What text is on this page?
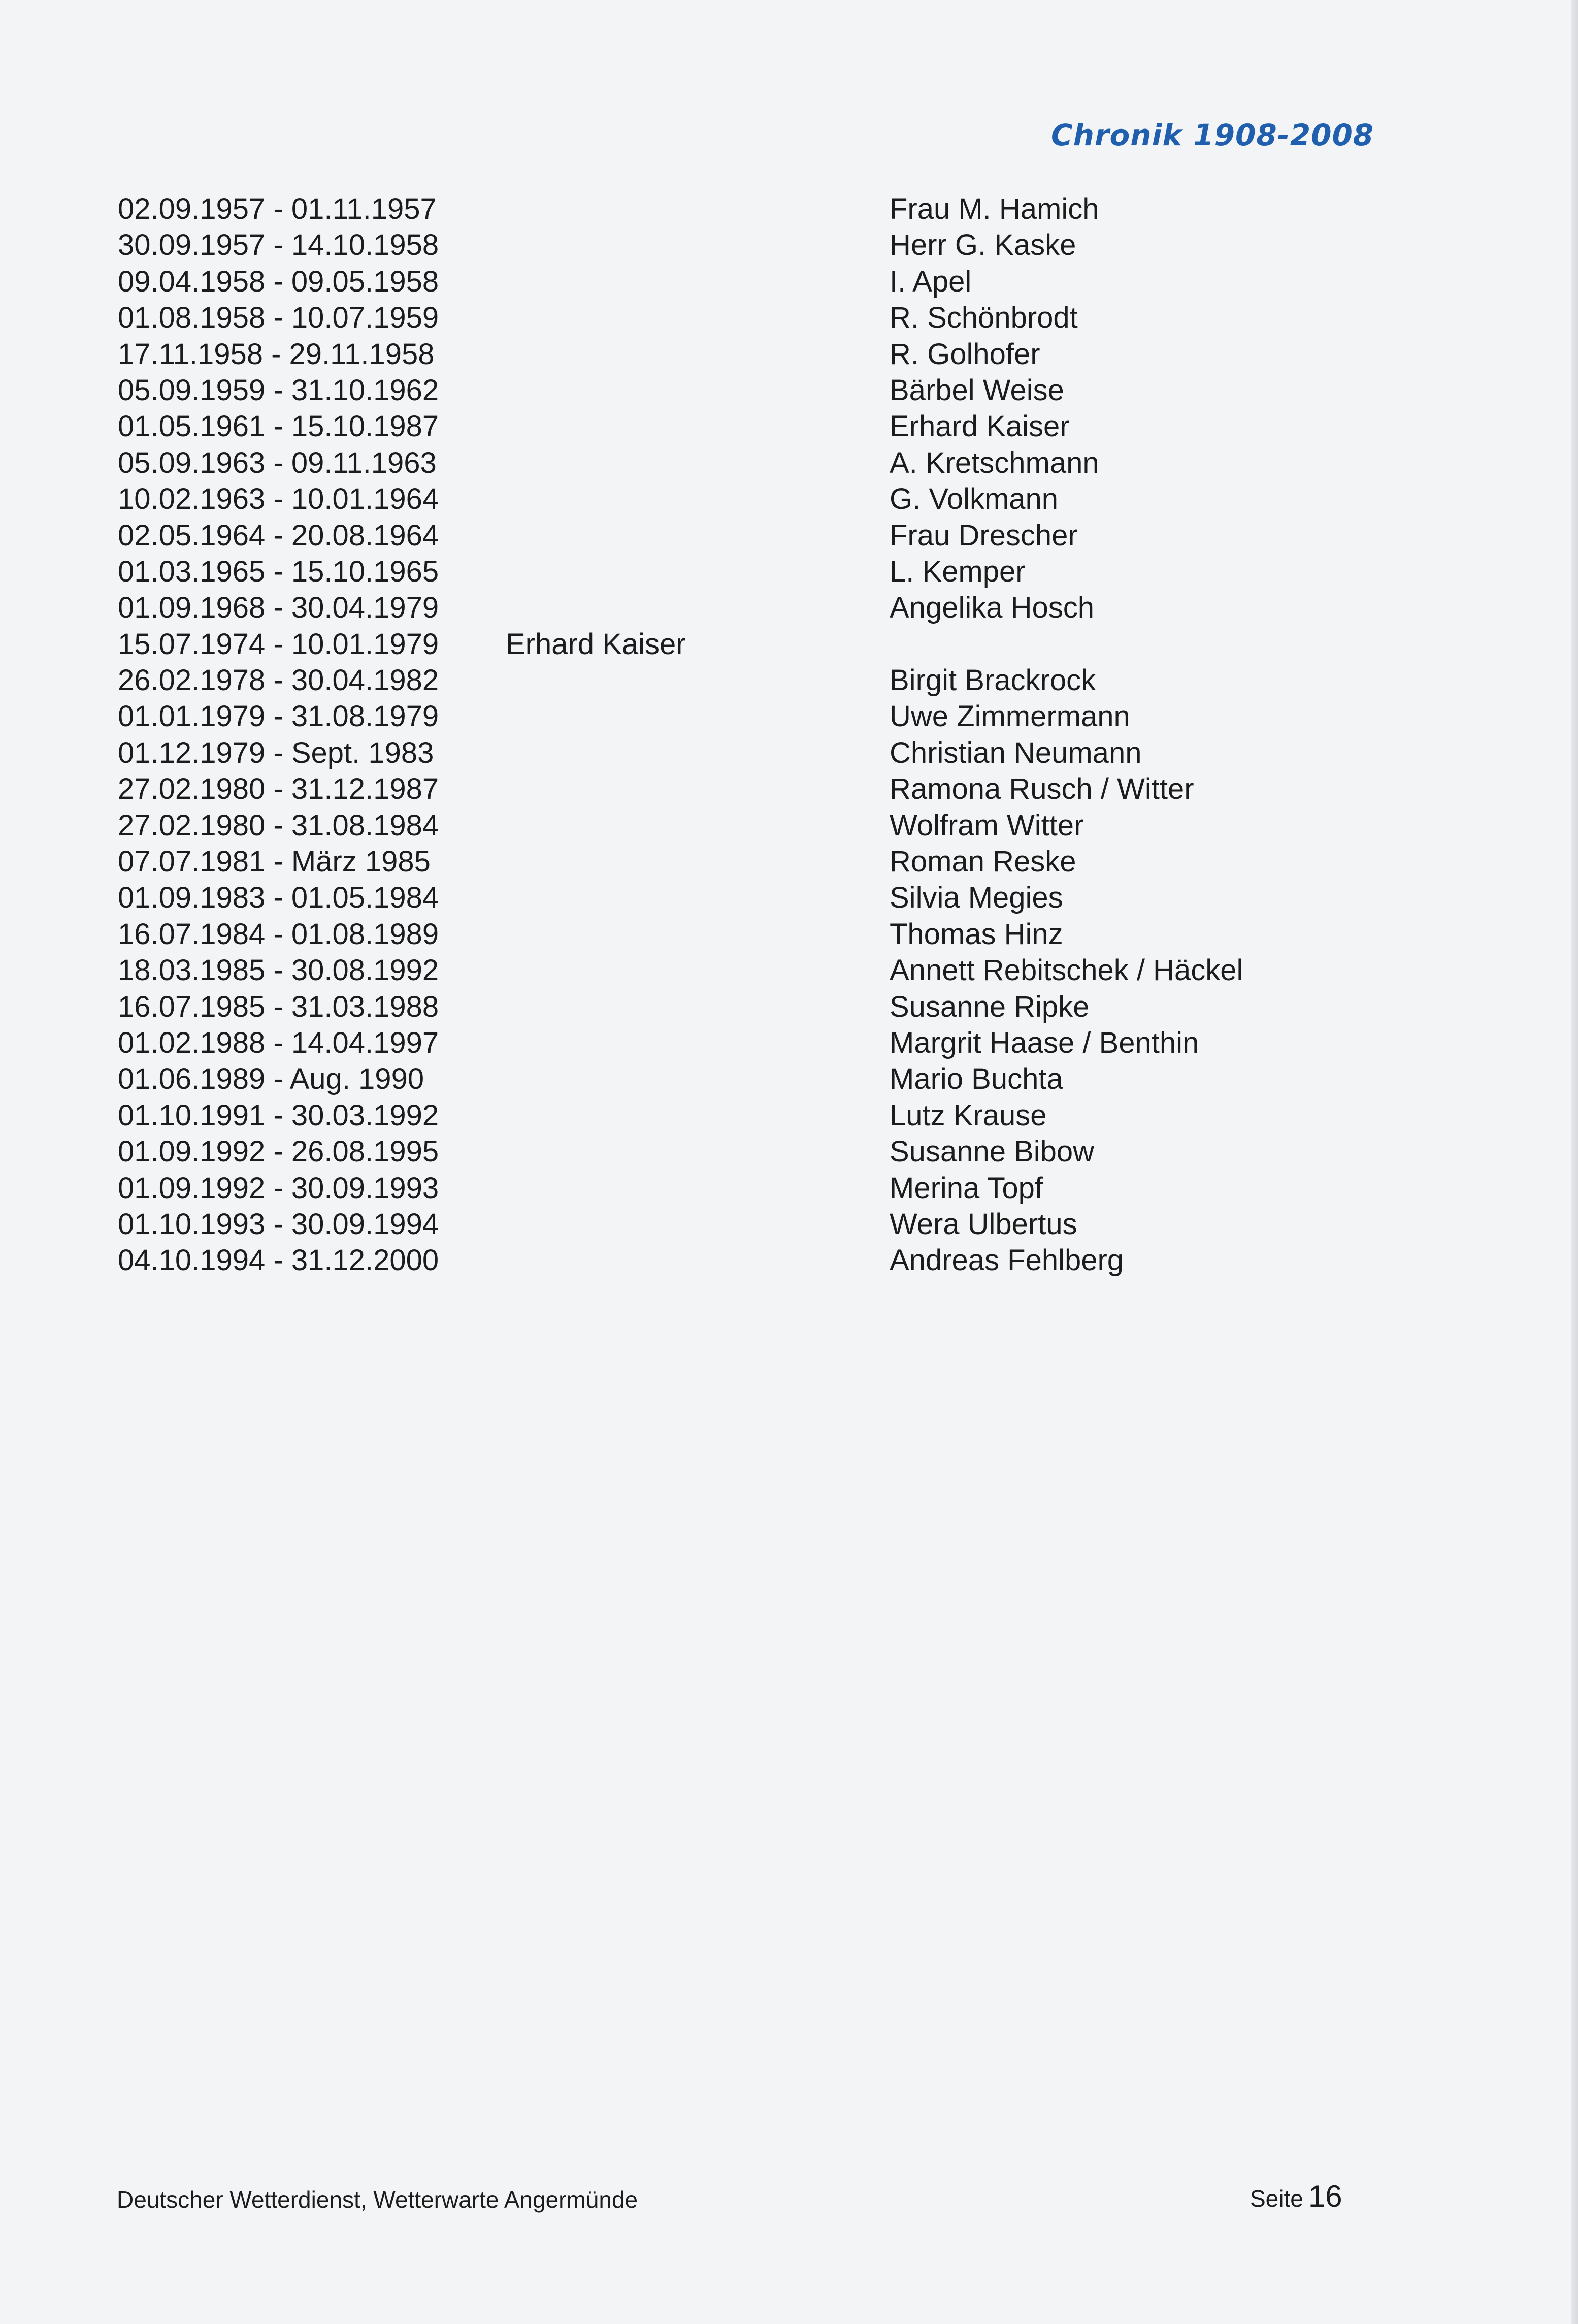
Chronik 1908-2008
02.09.1957 - 01.11.1957	Frau M. Hamich
30.09.1957 - 14.10.1958	Herr G. Kaske
09.04.1958 - 09.05.1958	I. Apel
01.08.1958 - 10.07.1959	R. Schönbrodt
17.11.1958 - 29.11.1958	R. Golhofer
05.09.1959 - 31.10.1962	Bärbel Weise
01.05.1961 - 15.10.1987	Erhard Kaiser
05.09.1963 - 09.11.1963	A. Kretschmann
10.02.1963 - 10.01.1964	G. Volkmann
02.05.1964 - 20.08.1964	Frau Drescher
01.03.1965 - 15.10.1965	L. Kemper
01.09.1968 - 30.04.1979	Angelika Hosch
15.07.1974 - 10.01.1979 Erhard Kaiser
26.02.1978 - 30.04.1982	Birgit Brackrock
01.01.1979 - 31.08.1979	Uwe Zimmermann
01.12.1979 - Sept. 1983	Christian Neumann
27.02.1980 - 31.12.1987	Ramona Rusch / Witter
27.02.1980 - 31.08.1984	Wolfram Witter
07.07.1981 - März 1985	Roman Reske
01.09.1983 - 01.05.1984	Silvia Megies
16.07.1984 - 01.08.1989	Thomas Hinz
18.03.1985 - 30.08.1992	Annett Rebitschek / Häckel
16.07.1985 - 31.03.1988	Susanne Ripke
01.02.1988 - 14.04.1997	Margrit Haase / Benthin
01.06.1989 - Aug. 1990	Mario Buchta
01.10.1991 - 30.03.1992	Lutz Krause
01.09.1992 - 26.08.1995	Susanne Bibow
01.09.1992 - 30.09.1993	Merina Topf
01.10.1993 - 30.09.1994	Wera Ulbertus
04.10.1994 - 31.12.2000	Andreas Fehlberg
Deutscher Wetterdienst, Wetterwarte Angermünde	Seite 16
